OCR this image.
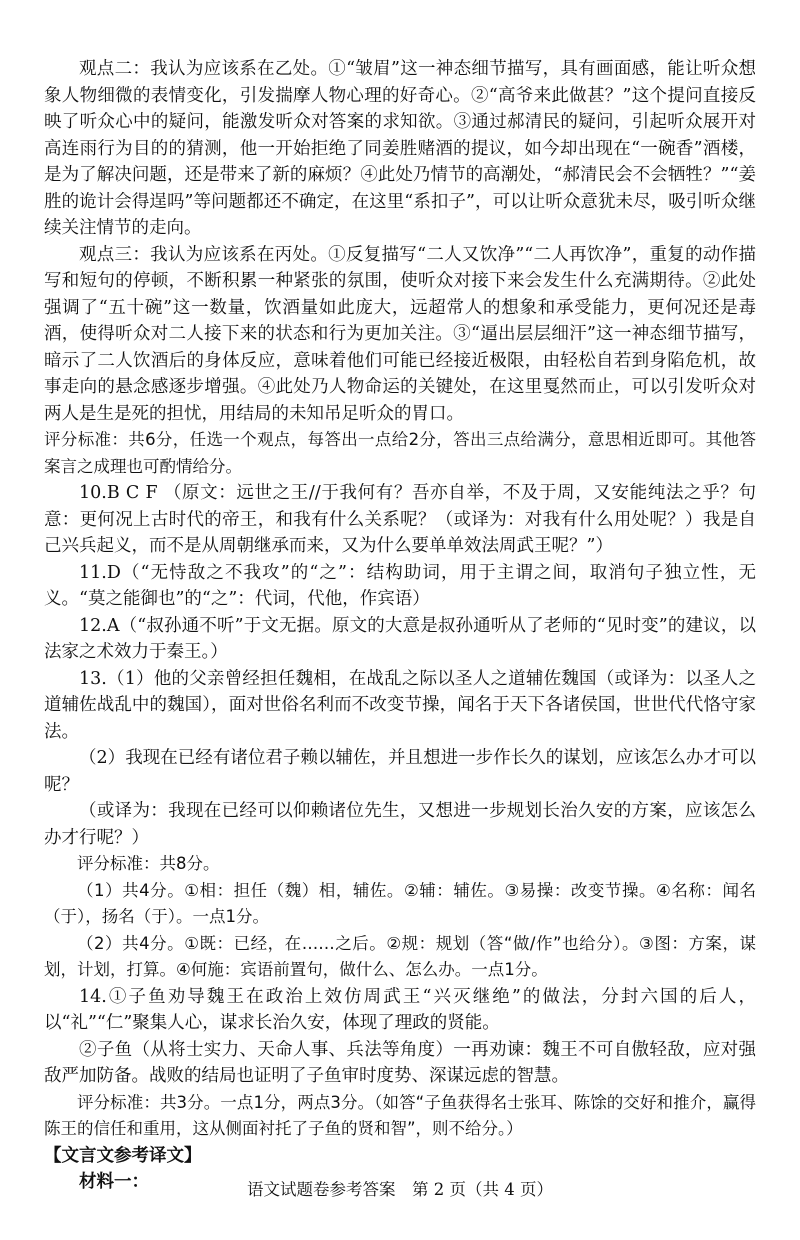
观点二：我认为应该系在乙处。①“皱眉”这一神态细节描写，具有画面感，能让听众想象人物细微的表情变化，引发揣摩人物心理的好奇心。②“高爷来此做甚？”这个提问直接反映了听众心中的疑问，能激发听众对答案的求知欲。③通过郝清民的疑问，引起听众展开对高连雨行为目的的猜测，他一开始拒绝了同姜胜赌酒的提议，如今却出现在“一碗香”酒楼，是为了解决问题，还是带来了新的麻烦？④此处乃情节的高潮处，“郝清民会不会牺牲？”“姜胜的诡计会得逞吗”等问题都还不确定，在这里“系扣子”，可以让听众意犹未尽，吸引听众继续关注情节的走向。

观点三：我认为应该系在丙处。①反复描写“二人又饮净”“二人再饮净”，重复的动作描写和短句的停顿，不断积累一种紧张的氛围，使听众对接下来会发生什么充满期待。②此处强调了“五十碗”这一数量，饮酒量如此庞大，远超常人的想象和承受能力，更何况还是毒酒，使得听众对二人接下来的状态和行为更加关注。③“逼出层层细汗”这一神态细节描写，暗示了二人饮酒后的身体反应，意味着他们可能已经接近极限，由轻松自若到身陷危机，故事走向的悬念感逐步增强。④此处乃人物命运的关键处，在这里戛然而止，可以引发听众对两人是生是死的担忧，用结局的未知吊足听众的胃口。

评分标准：共6分，任选一个观点，每答出一点给2分，答出三点给满分，意思相近即可。其他答案言之成理也可酌情给分。

10.B C F （原文：远世之王//于我何有？吾亦自举，不及于周，又安能纯法之乎？句意：更何况上古时代的帝王，和我有什么关系呢？（或译为：对我有什么用处呢？）我是自己兴兵起义，而不是从周朝继承而来，又为什么要单单效法周武王呢？”）

11.D（“无恃敌之不我攻”的“之”：结构助词，用于主谓之间，取消句子独立性，无义。“莫之能御也”的“之”：代词，代他，作宾语）

12.A（“叔孙通不听”于文无据。原文的大意是叔孙通听从了老师的“见时变”的建议，以法家之术效力于秦王。）

13.（1）他的父亲曾经担任魏相，在战乱之际以圣人之道辅佐魏国（或译为：以圣人之道辅佐战乱中的魏国），面对世俗名利而不改变节操，闻名于天下各诸侯国，世世代代恪守家法。

（2）我现在已经有诸位君子赖以辅佐，并且想进一步作长久的谋划，应该怎么办才可以呢？

（或译为：我现在已经可以仰赖诸位先生，又想进一步规划长治久安的方案，应该怎么办才行呢？）

评分标准：共8分。

（1）共4分。①相：担任（魏）相，辅佐。②辅：辅佐。③易操：改变节操。④名称：闻名（于），扬名（于）。一点1分。

（2）共4分。①既：已经，在……之后。②规：规划（答“做/作”也给分）。③图：方案，谋划，计划，打算。④何施：宾语前置句，做什么、怎么办。一点1分。

14.①子鱼劝导魏王在政治上效仿周武王“兴灭继绝”的做法，分封六国的后人，以“礼”“仁”聚集人心，谋求长治久安，体现了理政的贤能。

②子鱼（从将士实力、天命人事、兵法等角度）一再劝谏：魏王不可自傲轻敌，应对强敌严加防备。战败的结局也证明了子鱼审时度势、深谋远虑的智慧。

评分标准：共3分。一点1分，两点3分。（如答“子鱼获得名士张耳、陈馀的交好和推介，赢得陈王的信任和重用，这从侧面衬托了子鱼的贤和智”，则不给分。）

【文言文参考译文】

材料一：	语文试题卷参考答案　第 2 页（共 4 页）
